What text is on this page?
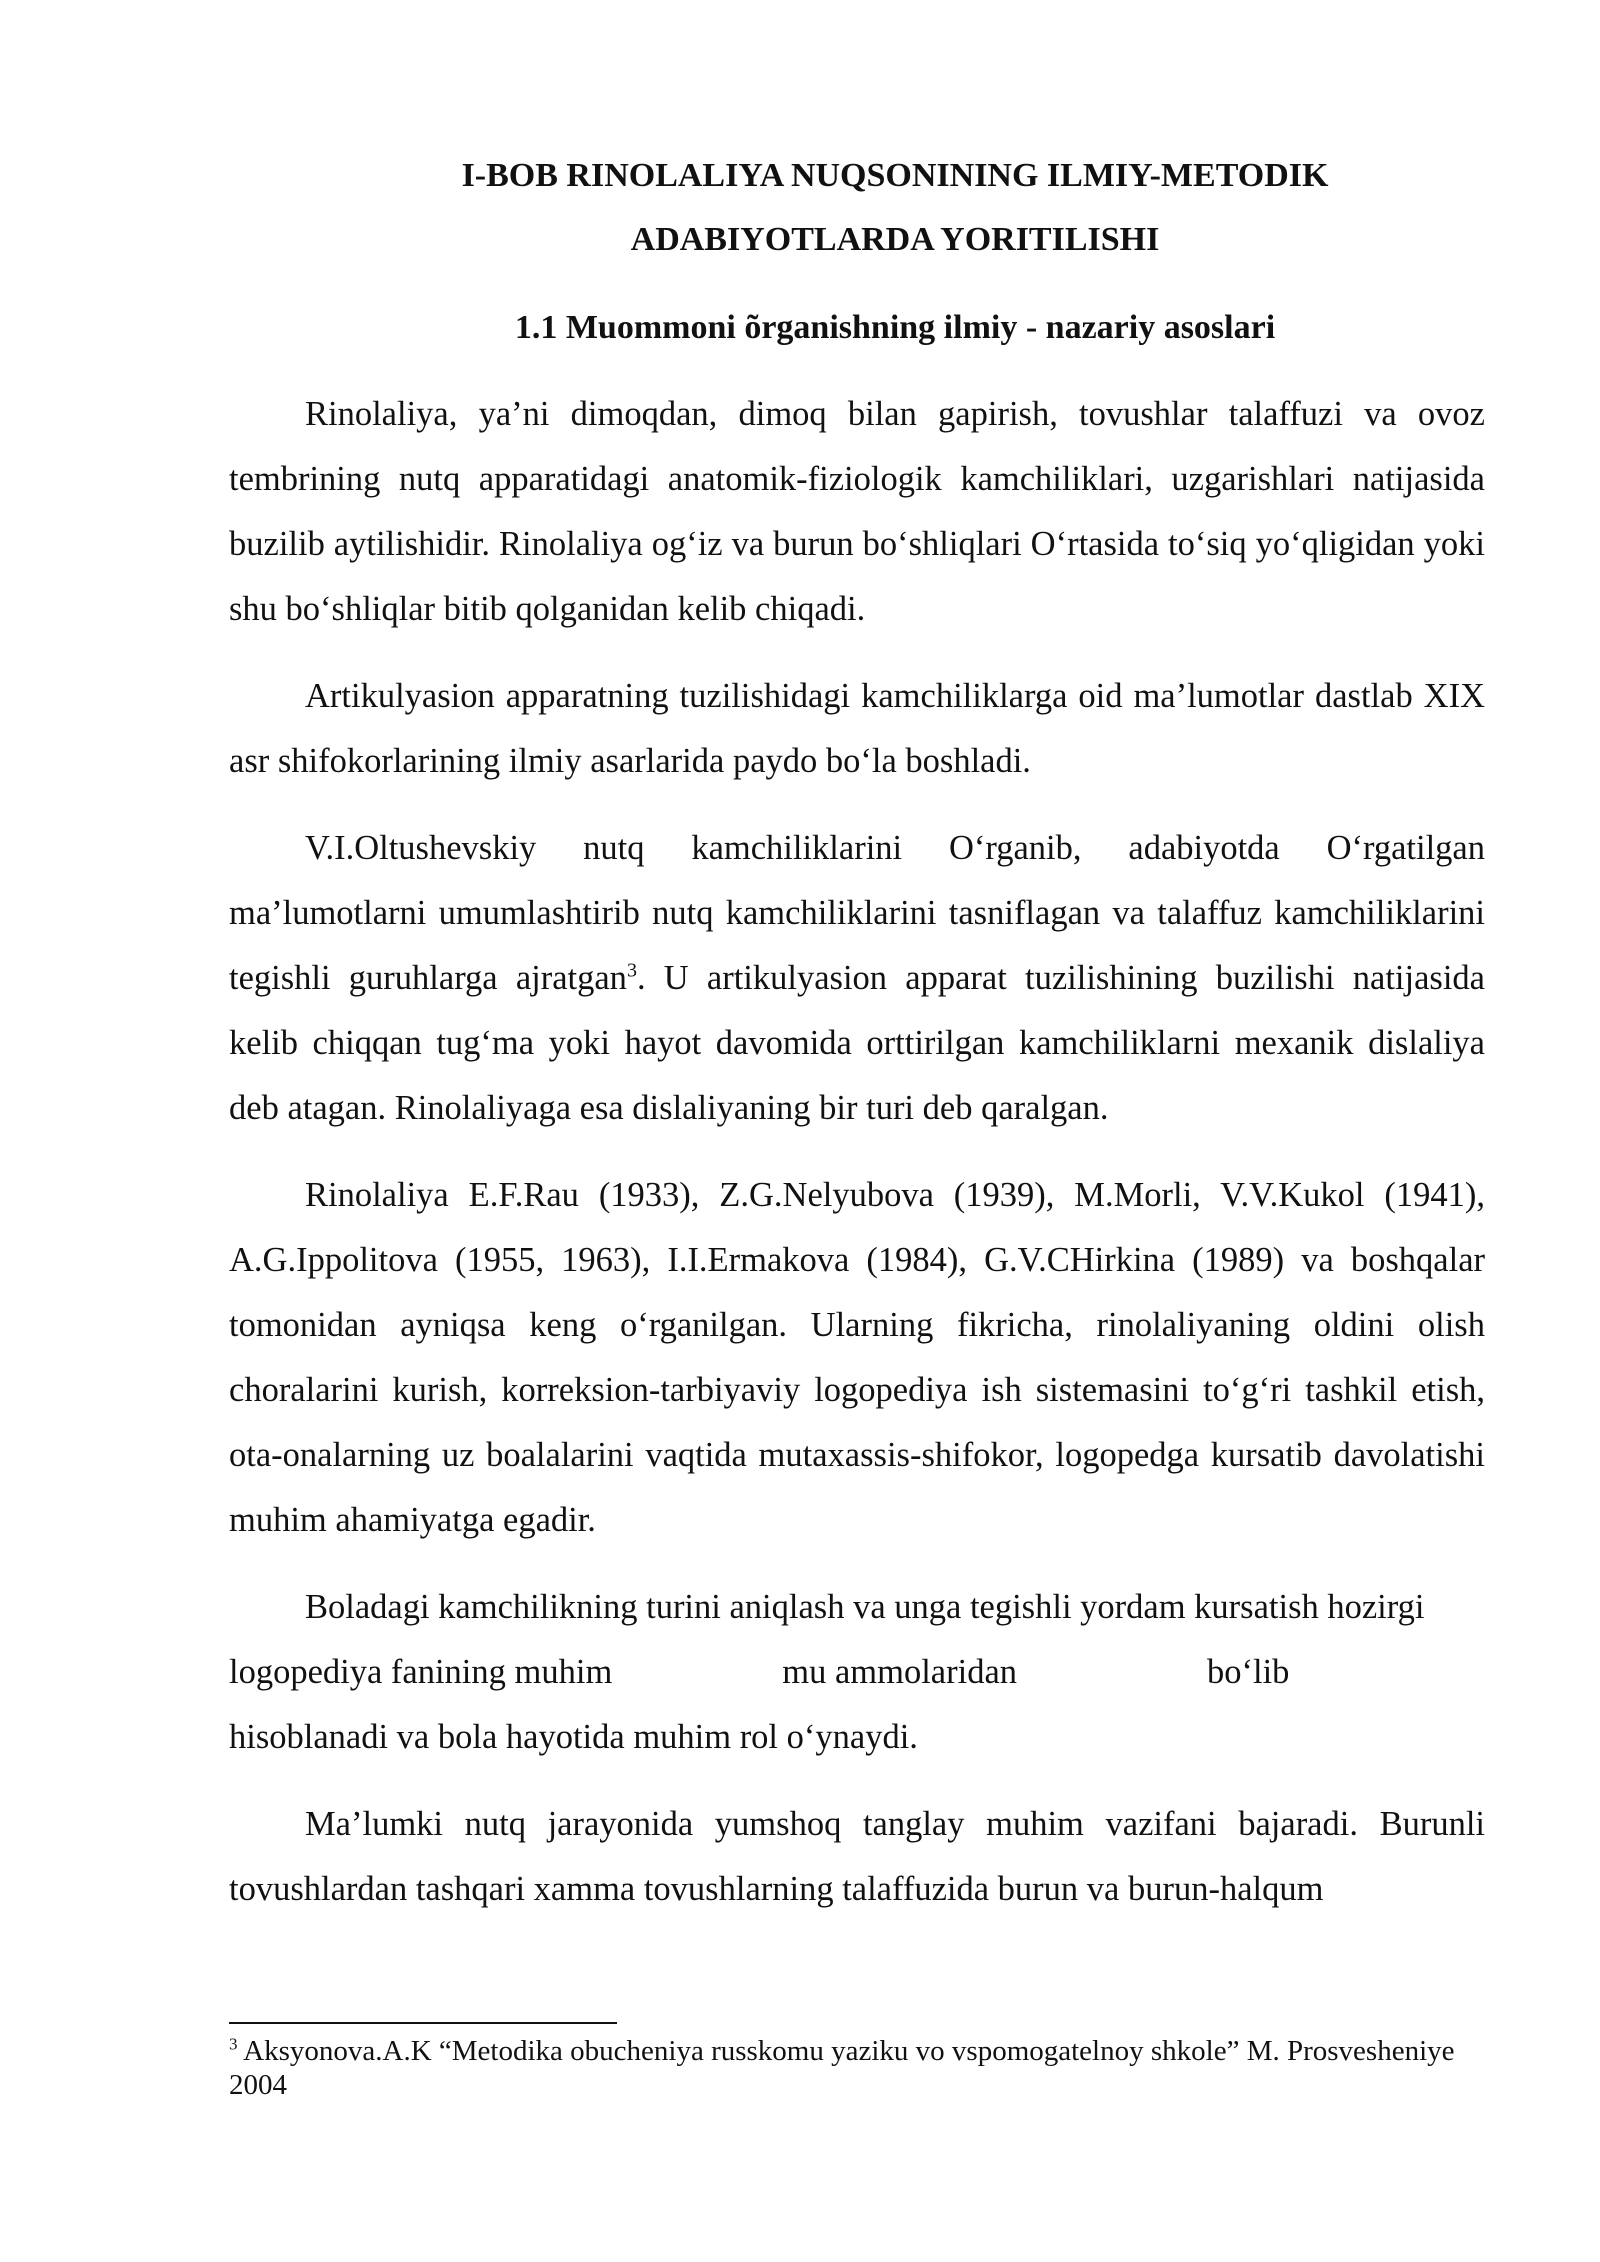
I-BOB RINOLALIYA NUQSONINING ILMIY-METODIK
ADABIYOTLARDA YORITILISHI
1.1 Muommoni õrganishning ilmiy - nazariy asoslari

Rinolaliya, ya’ni dimoqdan, dimoq bilan gapirish, tovushlar talaffuzi va ovoz tembrining nutq apparatidagi anatomik-fiziologik kamchiliklari, uzgarishlari natijasida buzilib aytilishidir. Rinolaliya ogʻiz va burun boʻshliqlari Oʻrtasida toʻsiq yoʻqligidan yoki shu boʻshliqlar bitib qolganidan kelib chiqadi.

Artikulyasion apparatning tuzilishidagi kamchiliklarga oid ma’lumotlar dastlab XIX asr shifokorlarining ilmiy asarlarida paydo boʻla boshladi.

V.I.Oltushevskiy nutq kamchiliklarini Oʻrganib, adabiyotda Oʻrgatilgan ma’lumotlarni umumlashtirib nutq kamchiliklarini tasniflagan va talaffuz kamchiliklarini tegishli guruhlarga ajratgan$^3$. U artikulyasion apparat tuzilishining buzilishi natijasida kelib chiqqan tugʻma yoki hayot davomida orttirilgan kamchiliklarni mexanik dislaliya deb atagan. Rinolaliyaga esa dislaliyaning bir turi deb qaralgan.

Rinolaliya E.F.Rau (1933), Z.G.Nelyubova (1939), M.Morli, V.V.Kukol (1941), A.G.Ippolitova (1955, 1963), I.I.Ermakova (1984), G.V.CHirkina (1989) va boshqalar tomonidan ayniqsa keng oʻrganilgan. Ularning fikricha, rinolaliyaning oldini olish choralarini kurish, korreksion-tarbiyaviy logopediya ish sistemasini toʻgʻri tashkil etish, ota-onalarning uz boalalarini vaqtida mutaxassis-shifokor, logopedga kursatib davolatishi muhim ahamiyatga egadir.

Boladagi kamchilikning turini aniqlash va unga tegishli yordam kursatish hozirgi logopediya fanining muhim	mu ammolaridan	boʻlib
hisoblanadi va bola hayotida muhim rol oʻynaydi.

Ma’lumki nutq jarayonida yumshoq tanglay muhim vazifani bajaradi. Burunli tovushlardan tashqari xamma tovushlarning talaffuzida burun va burun-halqum

$^3$ Aksyonova.A.K “Metodika obucheniya russkomu yaziku vo vspomogatelnoy shkole” M. Prosvesheniye 2004
